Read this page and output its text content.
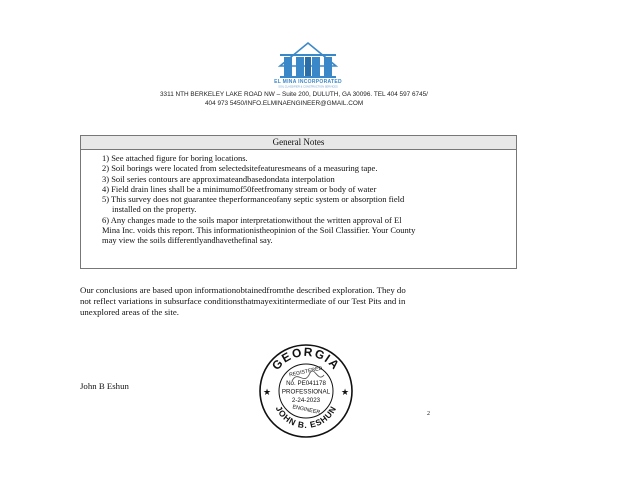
EL MINA INCORPORATED
SOIL CLASSIFIER & CONSTRUCTION SERVICES
3311 NTH BERKELEY LAKE ROAD NW – Suite 200, DULUTH, GA 30096. TEL 404 597 6745/
404 973 5450/INFO.ELMINAENGINEER@GMAIL.COM
General Notes
1) See attached figure for boring locations.
2) Soil borings were located from selectedsitefeaturesmeans of a measuring tape.
3) Soil series contours are approximateandbasedondata interpolation
4) Field drain lines shall be a minimumof50feetfromany stream or body of water
5) This survey does not guarantee theperformanceofany septic system or absorption field
installed on the property.
6) Any changes made to the soils mapor interpretationwithout the written approval of El
Mina Inc. voids this report. This informationistheopinion of the Soil Classifier. Your County
may view the soils differentlyandhavethefinal say.
Our conclusions are based upon informationobtainedfromthe described exploration. They do
not reflect variations in subsurface conditionsthatmayexitintermediate of our Test Pits and in
unexplored areas of the site.
John B Eshun
★	★
GEORGIA
JOHN B. ESHUN
REGISTERED
No. PE041178
PROFESSIONAL
2-24-2023
ENGINEER	2
